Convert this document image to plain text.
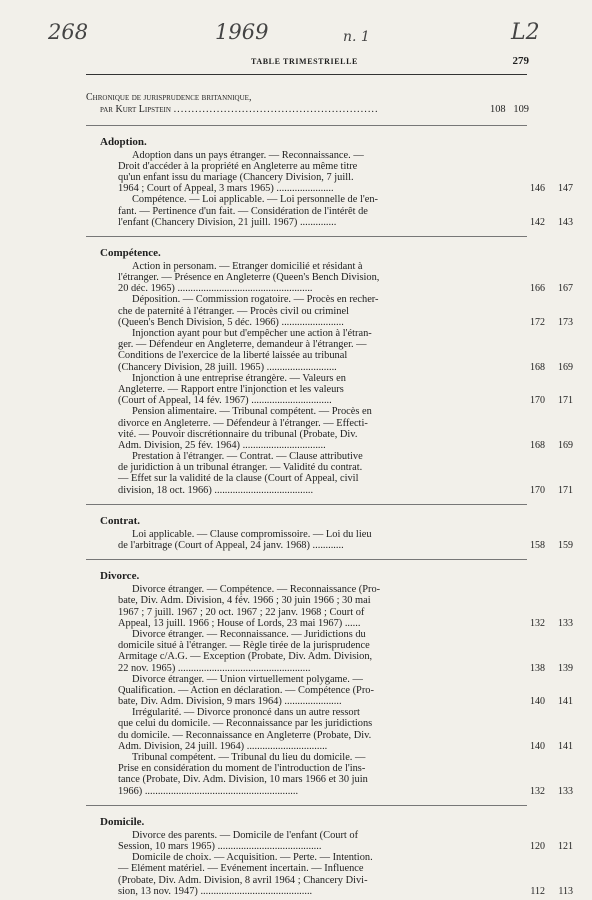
268	1969	n. 1	L2
TABLE TRIMESTRIELLE	279
Chronique de jurisprudence britannique,
par Kurt Lipstein .........................................................	108 109
Adoption.
Adoption dans un pays étranger. — Reconnaissance. —
Droit d'accéder à la propriété en Angleterre au même titre
qu'un enfant issu du mariage (Chancery Division, 7 juill.
1964 ; Court of Appeal, 3 mars 1965) ......................	146 147
Compétence. — Loi applicable. — Loi personnelle de l'en-
fant. — Pertinence d'un fait. — Considération de l'intérêt de
l'enfant (Chancery Division, 21 juill. 1967) ..............	142 143
Compétence.
Action in personam. — Etranger domicilié et résidant à
l'étranger. — Présence en Angleterre (Queen's Bench Division,
20 déc. 1965) ....................................................	166 167
Déposition. — Commission rogatoire. — Procès en recher-
che de paternité à l'étranger. — Procès civil ou criminel
(Queen's Bench Division, 5 déc. 1966) ........................	172 173
Injonction ayant pour but d'empêcher une action à l'étran-
ger. — Défendeur en Angleterre, demandeur à l'étranger. —
Conditions de l'exercice de la liberté laissée au tribunal
(Chancery Division, 28 juill. 1965) ...........................	168 169
Injonction à une entreprise étrangère. — Valeurs en
Angleterre. — Rapport entre l'injonction et les valeurs
(Court of Appeal, 14 fév. 1967) ...............................	170 171
Pension alimentaire. — Tribunal compétent. — Procès en
divorce en Angleterre. — Défendeur à l'étranger. — Effecti-
vité. — Pouvoir discrétionnaire du tribunal (Probate, Div.
Adm. Division, 25 fév. 1964) ................................	168 169
Prestation à l'étranger. — Contrat. — Clause attributive
de juridiction à un tribunal étranger. — Validité du contrat.
— Effet sur la validité de la clause (Court of Appeal, civil
division, 18 oct. 1966) ......................................	170 171
Contrat.
Loi applicable. — Clause compromissoire. — Loi du lieu
de l'arbitrage (Court of Appeal, 24 janv. 1968) ............	158 159
Divorce.
Divorce étranger. — Compétence. — Reconnaissance (Pro-
bate, Div. Adm. Division, 4 fév. 1966 ; 30 juin 1966 ; 30 mai
1967 ; 7 juill. 1967 ; 20 oct. 1967 ; 22 janv. 1968 ; Court of
Appeal, 13 juill. 1966 ; House of Lords, 23 mai 1967) ......	132 133
Divorce étranger. — Reconnaissance. — Juridictions du
domicile situé à l'étranger. — Règle tirée de la jurisprudence
Armitage c/A.G. — Exception (Probate, Div. Adm. Division,
22 nov. 1965) ...................................................	138 139
Divorce étranger. — Union virtuellement polygame. —
Qualification. — Action en déclaration. — Compétence (Pro-
bate, Div. Adm. Division, 9 mars 1964) ......................	140 141
Irrégularité. — Divorce prononcé dans un autre ressort
que celui du domicile. — Reconnaissance par les juridictions
du domicile. — Reconnaissance en Angleterre (Probate, Div.
Adm. Division, 24 juill. 1964) ...............................	140 141
Tribunal compétent. — Tribunal du lieu du domicile. —
Prise en considération du moment de l'introduction de l'ins-
tance (Probate, Div. Adm. Division, 10 mars 1966 et 30 juin
1966) ...........................................................	132 133
Domicile.
Divorce des parents. — Domicile de l'enfant (Court of
Session, 10 mars 1965) ........................................	120 121
Domicile de choix. — Acquisition. — Perte. — Intention.
— Elément matériel. — Evénement incertain. — Influence
(Probate, Div. Adm. Division, 8 avril 1964 ; Chancery Divi-
sion, 13 nov. 1947) ...........................................	112 113
